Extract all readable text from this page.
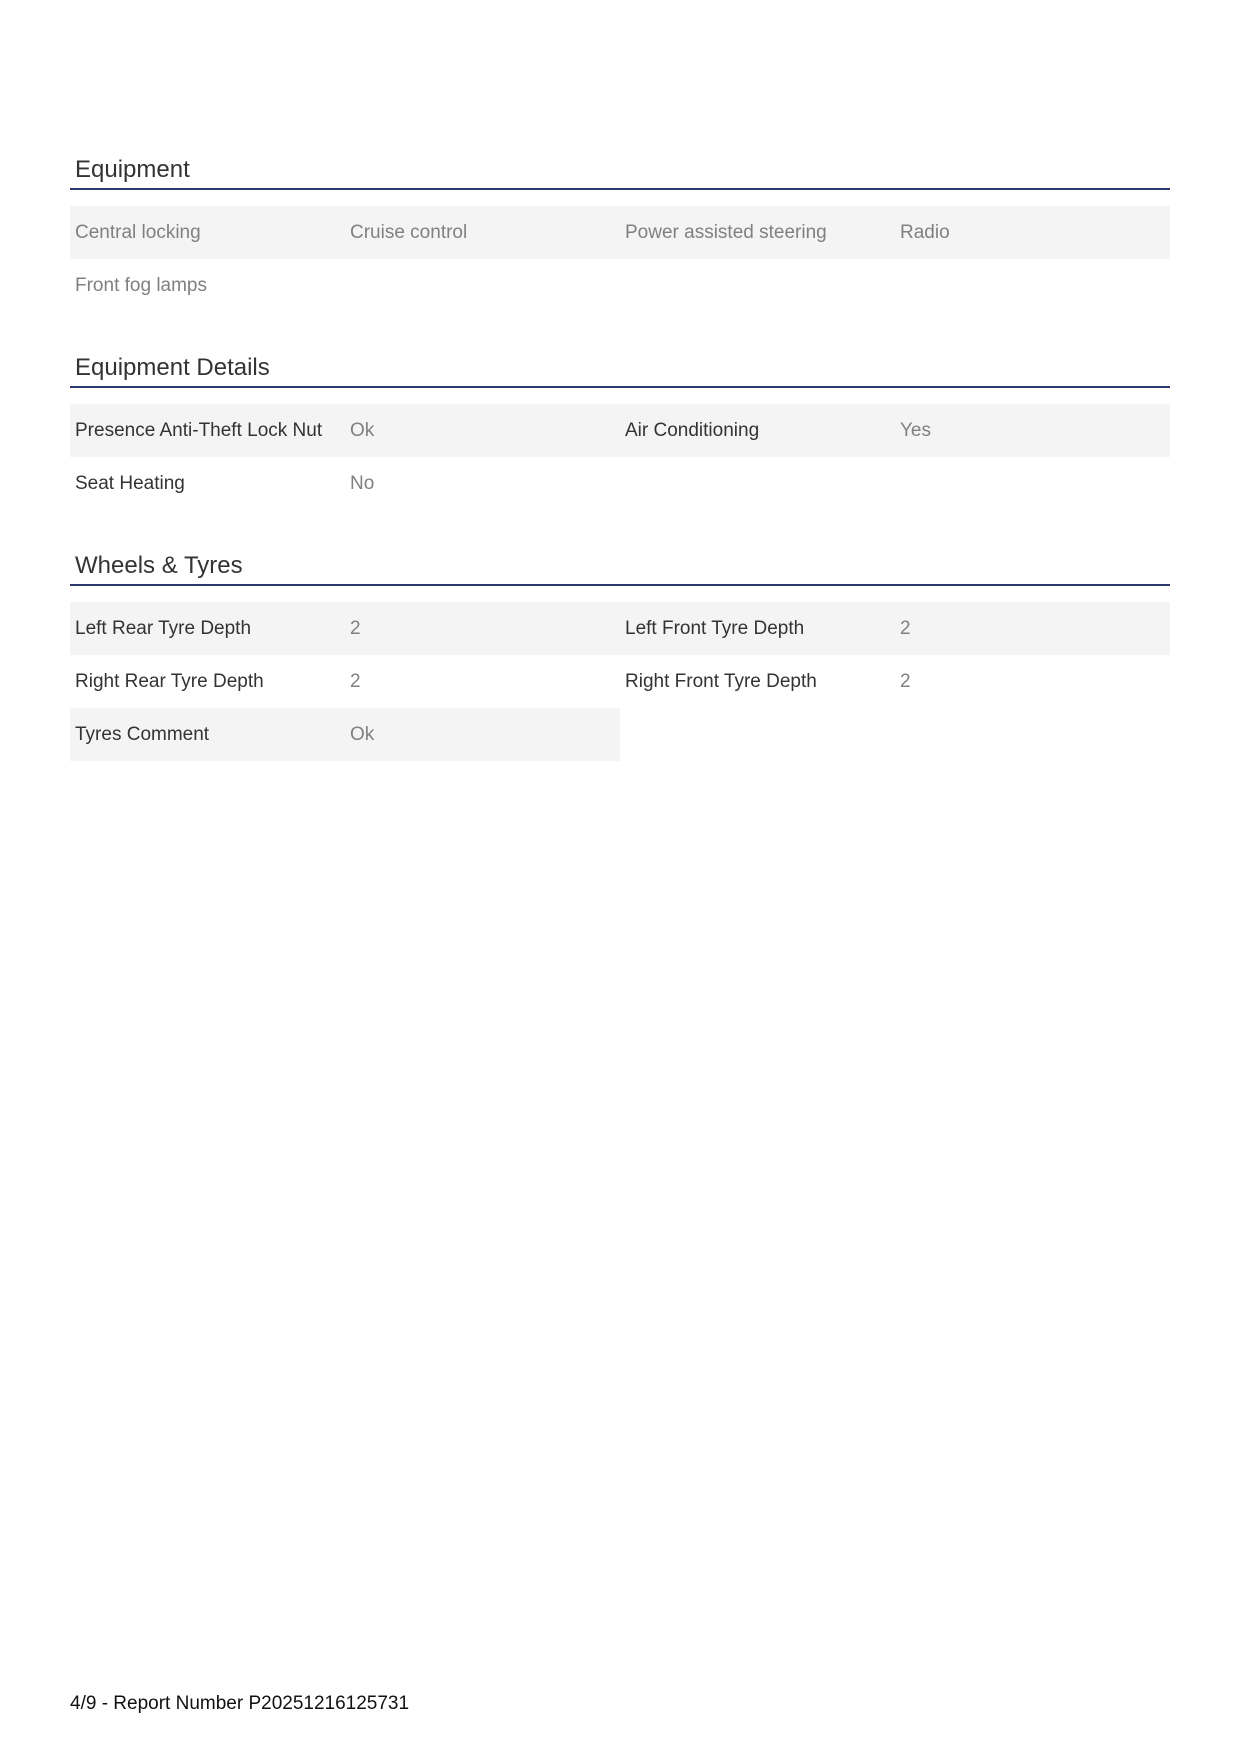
Equipment
Central locking	Cruise control	Power assisted steering	Radio
Front fog lamps
Equipment Details
Presence Anti-Theft Lock Nut	Ok	Air Conditioning	Yes
Seat Heating	No
Wheels & Tyres
Left Rear Tyre Depth	2	Left Front Tyre Depth	2
Right Rear Tyre Depth	2	Right Front Tyre Depth	2
Tyres Comment	Ok
4/9 - Report Number P20251216125731
